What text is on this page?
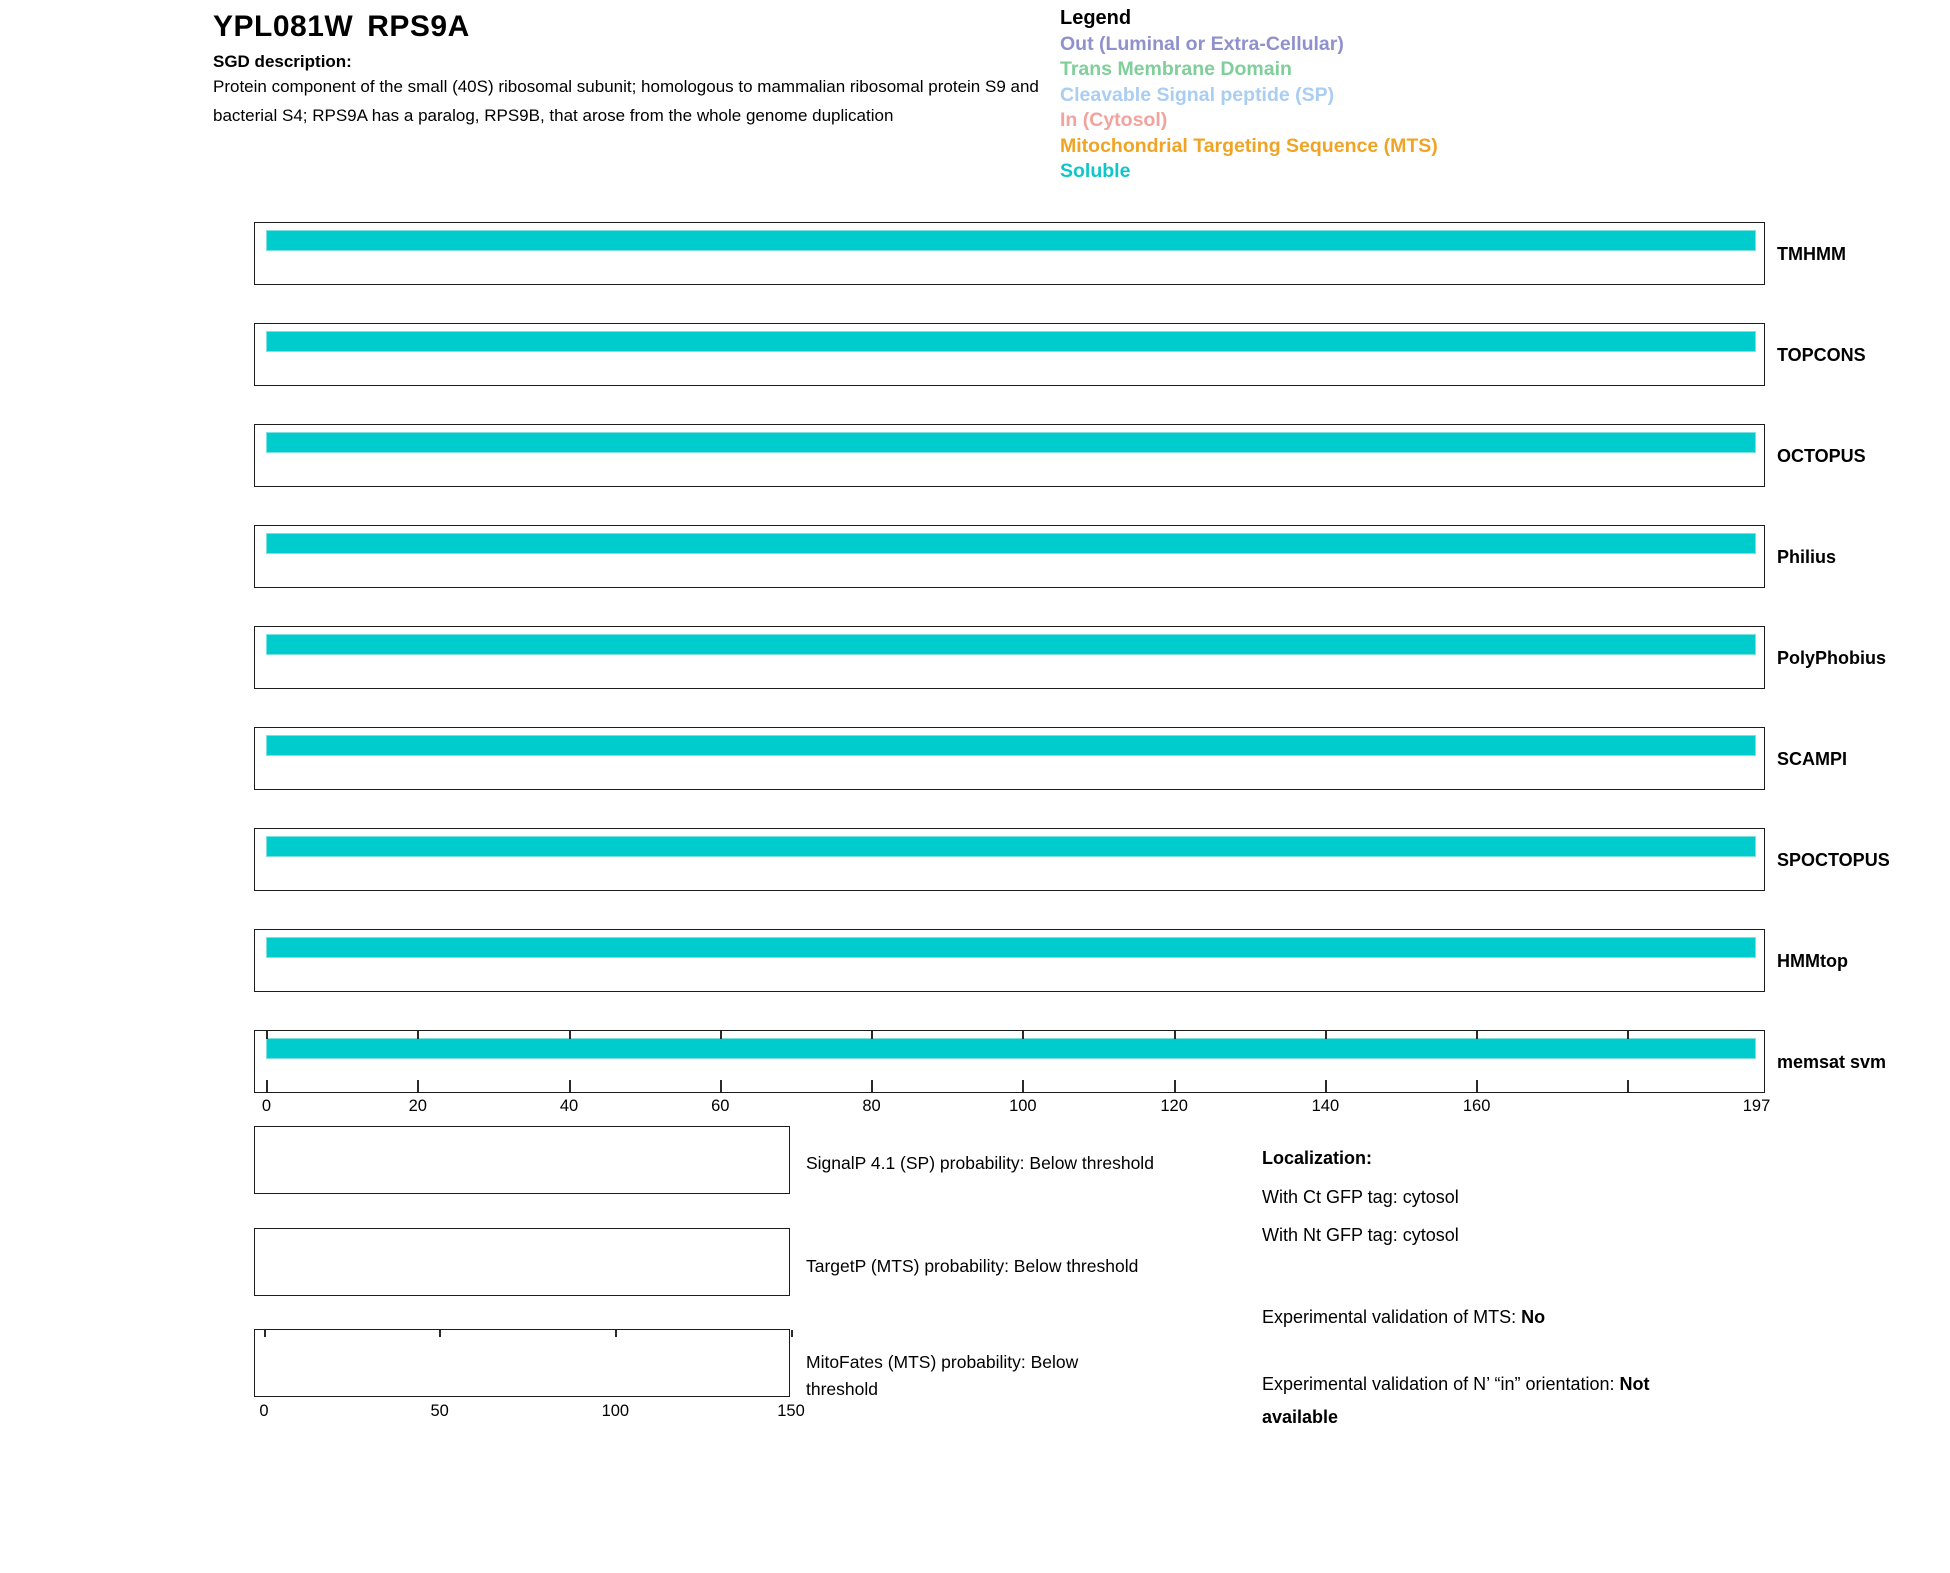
YPL081W RPS9A
SGD description:
Protein component of the small (40S) ribosomal subunit; homologous to mammalian ribosomal protein S9 and
bacterial S4; RPS9A has a paralog, RPS9B, that arose from the whole genome duplication
Legend
Out (Luminal or Extra-Cellular)
Trans Membrane Domain
Cleavable Signal peptide (SP)
In (Cytosol)
Mitochondrial Targeting Sequence (MTS)
Soluble
TMHMM
TOPCONS
OCTOPUS
Philius
PolyPhobius
SCAMPI
SPOCTOPUS
HMMtop
memsat svm
0	20	40	60	80	100	120	140	160	197
SignalP 4.1 (SP) probability: Below threshold
TargetP (MTS) probability: Below threshold
MitoFates (MTS) probability: Below
threshold
0	50	100	150
Localization:
With Ct GFP tag: cytosol
With Nt GFP tag: cytosol
Experimental validation of MTS: No
Experimental validation of N’ “in” orientation: Not
available
